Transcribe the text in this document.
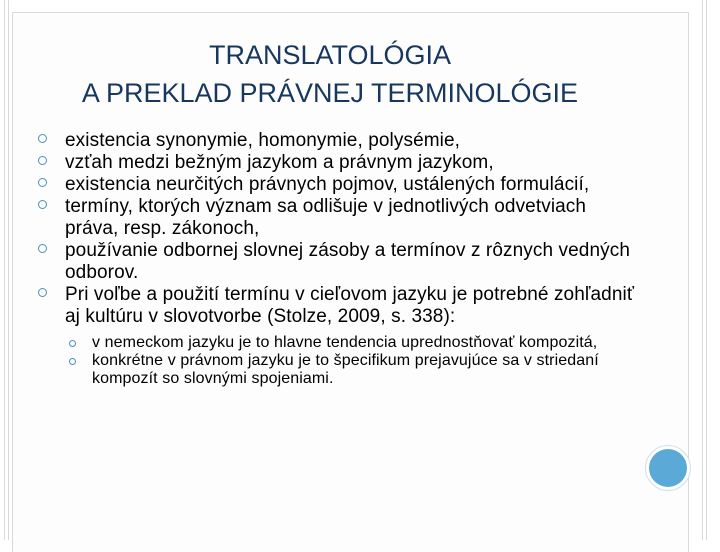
TRANSLATOLÓGIA
A PREKLAD PRÁVNEJ TERMINOLÓGIE
existencia synonymie, homonymie, polysémie,
vzťah medzi bežným jazykom a právnym jazykom,
existencia neurčitých právnych pojmov, ustálených formulácií,
termíny, ktorých význam sa odlišuje v jednotlivých odvetviach práva, resp. zákonoch,
používanie odbornej slovnej zásoby a termínov z rôznych vedných odborov.
Pri voľbe a použití termínu v cieľovom jazyku je potrebné zohľadniť aj kultúru v slovotvorbe (Stolze, 2009, s. 338):
v nemeckom jazyku je to hlavne tendencia uprednostňovať kompozitá,
konkrétne v právnom jazyku je to špecifikum prejavujúce sa v striedaní kompozít so slovnými spojeniami.
